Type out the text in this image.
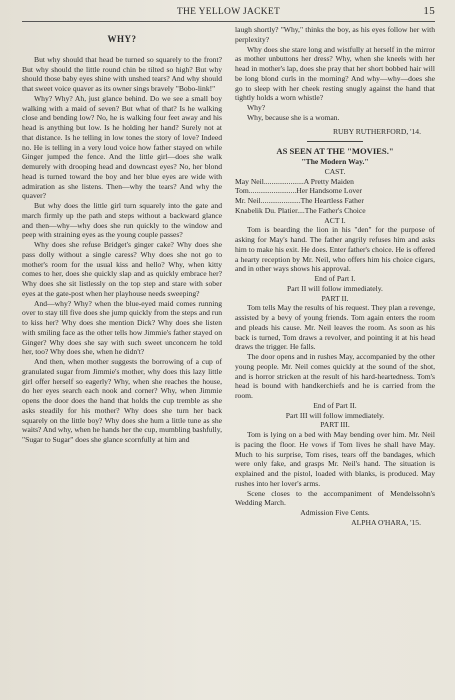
THE YELLOW JACKET	15
WHY?

But why should that head be turned so squarely to the front? But why should the little round chin be tilted so high? But why should those baby eyes shine with unshed tears? And why should that sweet voice quaver as its owner sings bravely "Bobo-link!"

Why? Why? Ah, just glance behind. Do we see a small boy walking with a maid of seven? But what of that? Is he walking close and bending low? No, he is walking four feet away and his head is anything but low. Is he holding her hand? Surely not at that distance. Is he telling in low tones the story of love? Indeed no. He is telling in a very loud voice how father stayed on while Ginger jumped the fence. And the little girl—does she walk demurely with drooping head and downcast eyes? No, her blond head is turned toward the boy and her blue eyes are wide with admiration as she listens. Then—why the tears? And why the quaver?

But why does the little girl turn squarely into the gate and march firmly up the path and steps without a backward glance and then—why—why does she run quickly to the window and peep with straining eyes as the young couple passes?

Why does she refuse Bridget's ginger cake? Why does she pass dolly without a single caress? Why does she not go to mother's room for the usual kiss and hello? Why, when kitty comes to her, does she quickly slap and as quickly embrace her? Why does she sit listlessly on the top step and stare with sober eyes at the gate-post when her playhouse needs sweeping?

And—why? Why? when the blue-eyed maid comes running over to stay till five does she jump quickly from the steps and run to kiss her? Why does she mention Dick? Why does she listen with smiling face as the other tells how Jimmie's father stayed on Ginger? Why does she say with such sweet unconcern he told her, too? Why does she, when he didn't?

And then, when mother suggests the borrowing of a cup of granulated sugar from Jimmie's mother, why does this lazy little girl offer herself so eagerly? Why, when she reaches the house, do her eyes search each nook and corner? Why, when Jimmie opens the door does the hand that holds the cup tremble as she asks steadily for his mother? Why does she turn her back squarely on the little boy? Why does she hum a little tune as she waits? And why, when he hands her the cup, mumbling bashfully, "Sugar to Sugar" does she glance scornfully at him and

laugh shortly? "Why," thinks the boy, as his eyes follow her with perplexity?

Why does she stare long and wistfully at herself in the mirror as mother unbuttons her dress? Why, when she kneels with her head in mother's lap, does she pray that her short bobbed hair will be long blond curls in the morning? And why—why—does she go to sleep with her cheek resting snugly against the hand that tightly holds a worn whistle?

Why?

Why, because she is a woman.

RUBY RUTHERFORD, '14.

AS SEEN AT THE "MOVIES."

"The Modern Way."

CAST.

May Neil.....................A Pretty Maiden

Tom.........................Her Handsome Lover

Mr. Neil.....................The Heartless Father

Knabelik Du. Platier....The Father's Choice

ACT I.

Tom is bearding the lion in his "den" for the purpose of asking for May's hand. The father angrily refuses him and asks him to make his exit. He does. Enter father's choice. He is offered a hearty reception by Mr. Neil, who offers him his choice cigars, and in other ways shows his approval.

End of Part I.

Part II will follow immediately.

PART II.

Tom tells May the results of his request. They plan a revenge, assisted by a bevy of young friends. Tom again enters the room and pleads his cause. Mr. Neil leaves the room. As soon as his back is turned, Tom draws a revolver, and pointing it at his head draws the trigger. He falls.

The door opens and in rushes May, accompanied by the other young people. Mr. Neil comes quickly at the sound of the shot, and is horror stricken at the result of his hard-heartedness. Tom's head is bound with handkerchiefs and he is carried from the room.

End of Part II.

Part III will follow immediately.

PART III.

Tom is lying on a bed with May bending over him. Mr. Neil is pacing the floor. He vows if Tom lives he shall have May. Much to his surprise, Tom rises, tears off the bandages, which were only fake, and grasps Mr. Neil's hand. The situation is explained and the pistol, loaded with blanks, is produced. May rushes into her lover's arms.

Scene closes to the accompaniment of Mendelssohn's Wedding March.

Admission Five Cents.

ALPHA O'HARA, '15.
